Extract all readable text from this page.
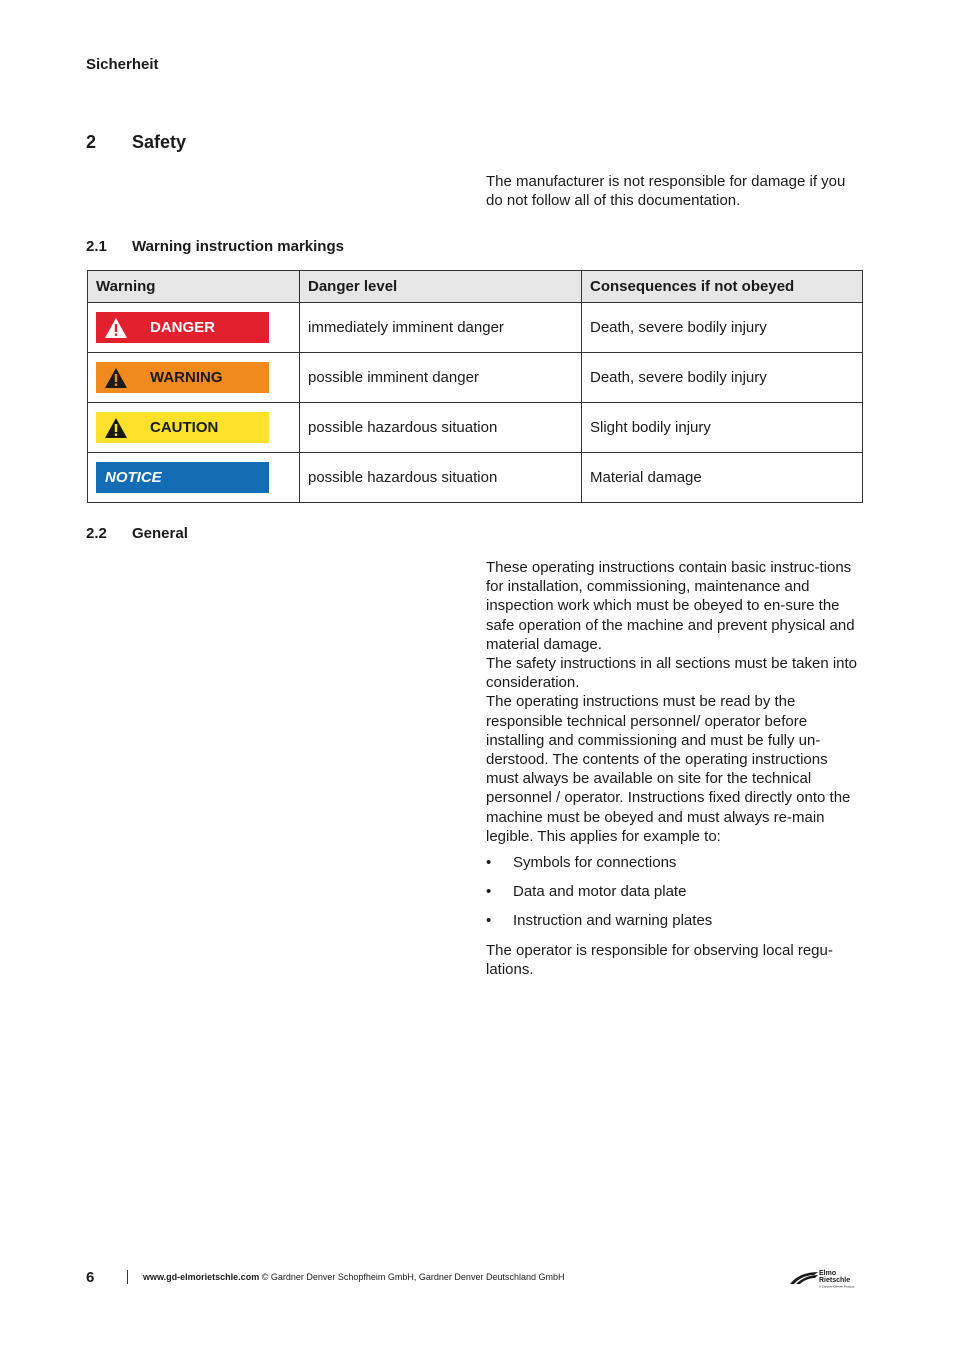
Sicherheit
2 Safety
The manufacturer is not responsible for damage if you do not follow all of this documentation.
2.1 Warning instruction markings
Warning	Danger level	Consequences if not obeyed

DANGER	immediately imminent danger	Death, severe bodily injury

WARNING	possible imminent danger	Death, severe bodily injury

CAUTION	possible hazardous situation	Slight bodily injury

NOTICE	possible hazardous situation	Material damage
2.2 General

These operating instructions contain basic instruc-tions for installation, commissioning, maintenance and inspection work which must be obeyed to en-sure the safe operation of the machine and prevent physical and material damage.

The safety instructions in all sections must be taken into consideration.

The operating instructions must be read by the responsible technical personnel/ operator before installing and commissioning and must be fully un-derstood. The contents of the operating instructions must always be available on site for the technical personnel / operator. Instructions fixed directly onto the machine must be obeyed and must always re-main legible. This applies for example to:

• Symbols for connections
• Data and motor data plate
• Instruction and warning plates

The operator is responsible for observing local regu-lations.

6	www.gd-elmorietschle.com © Gardner Denver Schopfheim GmbH, Gardner Denver Deutschland GmbH	Elmo
Rietschle
A Gardner Denver Product
